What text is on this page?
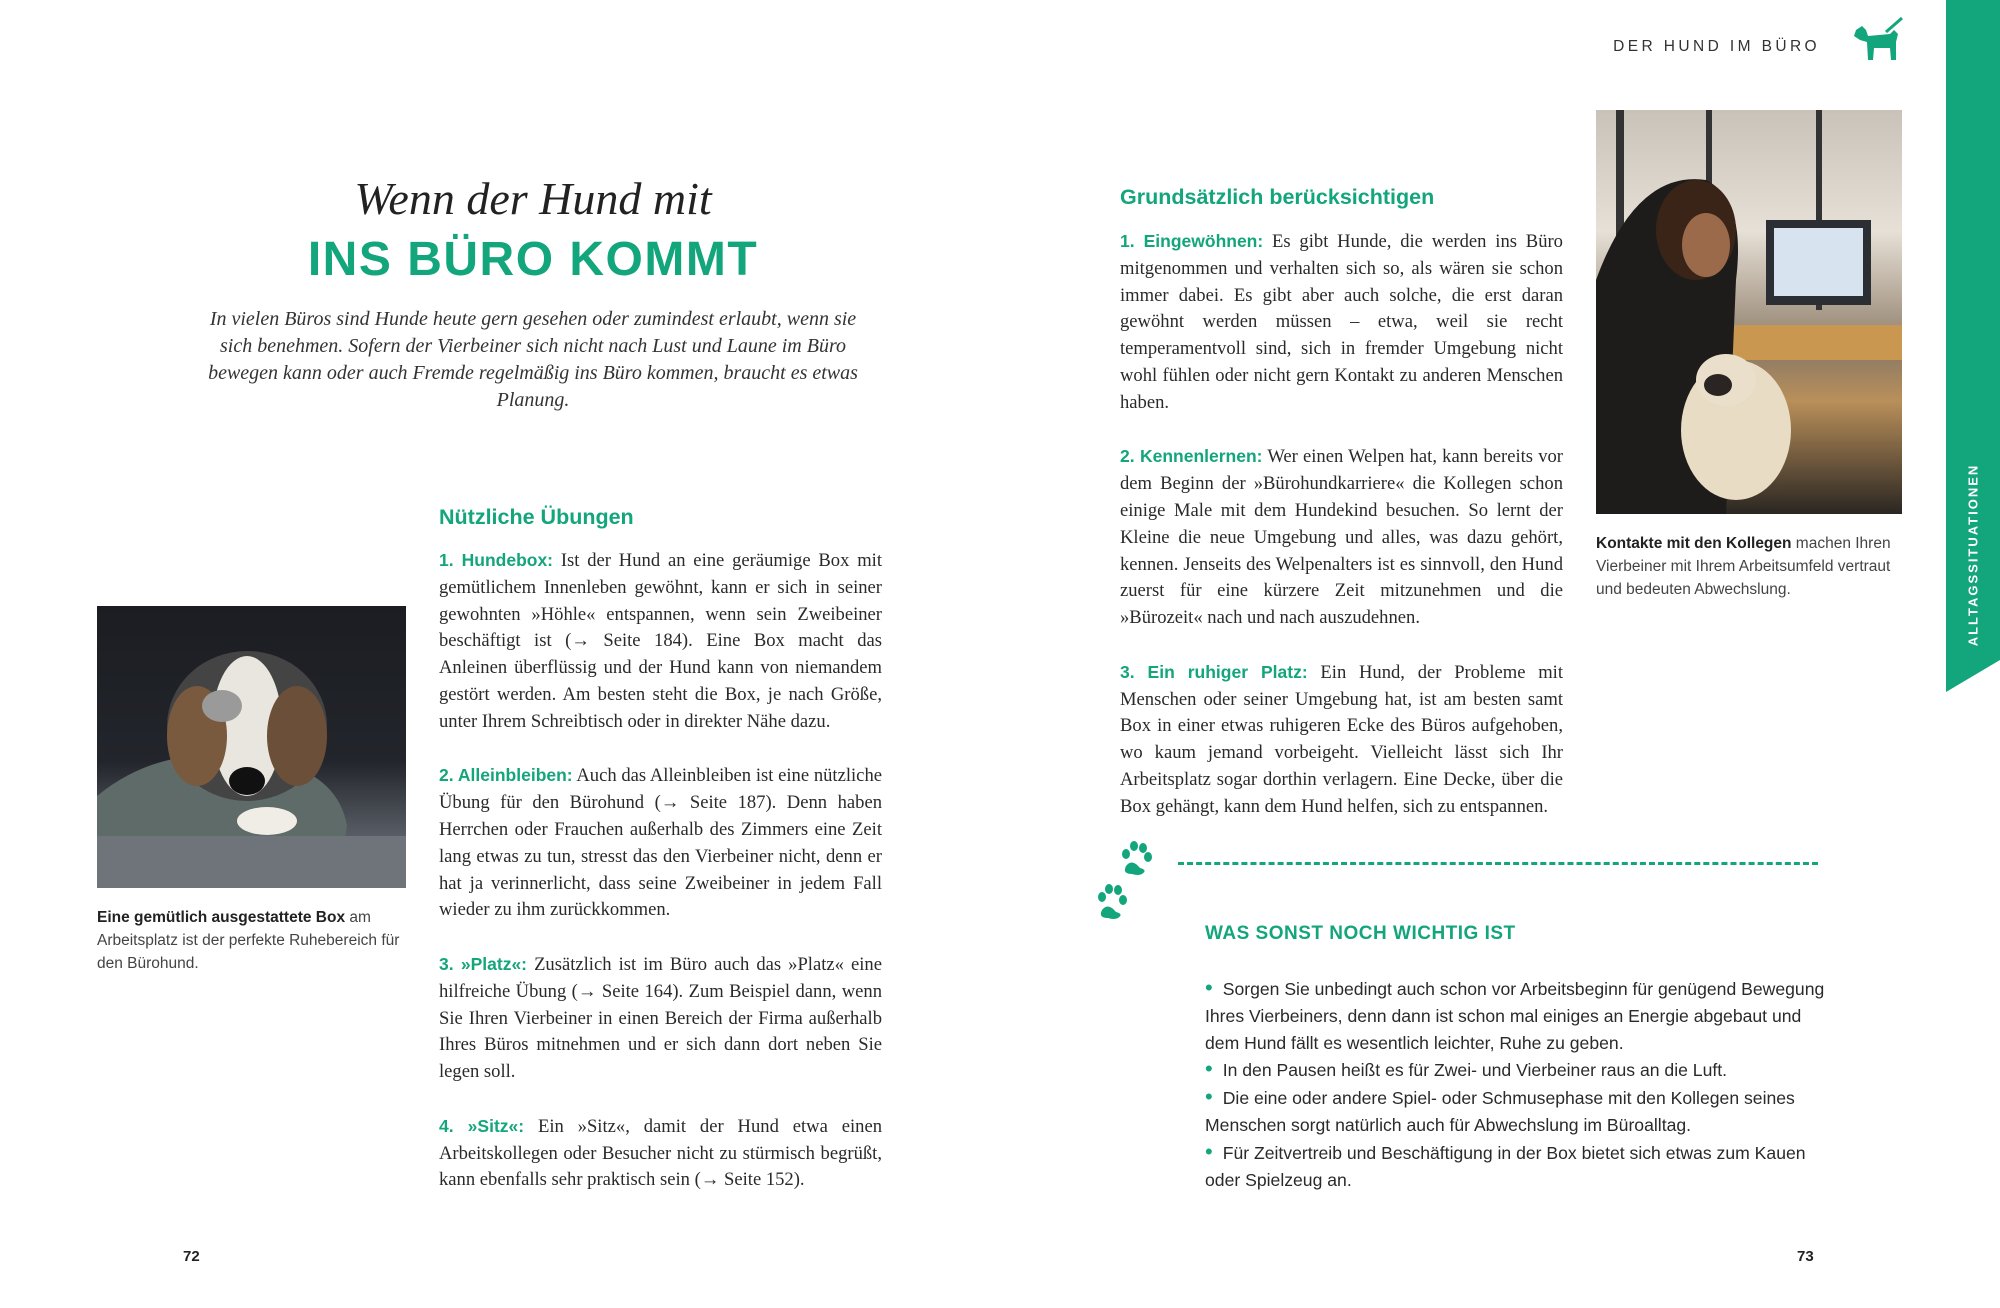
DER HUND IM BÜRO
ALLTAGSSITUATIONEN
Wenn der Hund mit
INS BÜRO KOMMT
In vielen Büros sind Hunde heute gern gesehen oder zumindest erlaubt, wenn sie sich benehmen. Sofern der Vierbeiner sich nicht nach Lust und Laune im Büro bewegen kann oder auch Fremde regelmäßig ins Büro kommen, braucht es etwas Planung.
Eine gemütlich ausgestattete Box am Arbeitsplatz ist der perfekte Ruhebereich für den Bürohund.
Nützliche Übungen

1. Hundebox: Ist der Hund an eine geräumige Box mit gemütlichem Innenleben gewöhnt, kann er sich in seiner gewohnten »Höhle« entspannen, wenn sein Zweibeiner beschäftigt ist (→ Seite 184). Eine Box macht das Anleinen überflüssig und der Hund kann von niemandem gestört werden. Am besten steht die Box, je nach Größe, unter Ihrem Schreibtisch oder in direkter Nähe dazu.

2. Alleinbleiben: Auch das Alleinbleiben ist eine nützliche Übung für den Bürohund (→ Seite 187). Denn haben Herrchen oder Frauchen außerhalb des Zimmers eine Zeit lang etwas zu tun, stresst das den Vierbeiner nicht, denn er hat ja verinnerlicht, dass seine Zweibeiner in jedem Fall wieder zu ihm zurückkommen.

3. »Platz«: Zusätzlich ist im Büro auch das »Platz« eine hilfreiche Übung (→ Seite 164). Zum Beispiel dann, wenn Sie Ihren Vierbeiner in einen Bereich der Firma außerhalb Ihres Büros mitnehmen und er sich dann dort neben Sie legen soll.

4. »Sitz«: Ein »Sitz«, damit der Hund etwa einen Arbeitskollegen oder Besucher nicht zu stürmisch begrüßt, kann ebenfalls sehr praktisch sein (→ Seite 152).

Grundsätzlich berücksichtigen

1. Eingewöhnen: Es gibt Hunde, die werden ins Büro mitgenommen und verhalten sich so, als wären sie schon immer dabei. Es gibt aber auch solche, die erst daran gewöhnt werden müssen – etwa, weil sie recht temperamentvoll sind, sich in fremder Umgebung nicht wohl fühlen oder nicht gern Kontakt zu anderen Menschen haben.

2. Kennenlernen: Wer einen Welpen hat, kann bereits vor dem Beginn der »Bürohundkarriere« die Kollegen schon einige Male mit dem Hundekind besuchen. So lernt der Kleine die neue Umgebung und alles, was dazu gehört, kennen. Jenseits des Welpenalters ist es sinnvoll, den Hund zuerst für eine kürzere Zeit mitzunehmen und die »Bürozeit« nach und nach auszudehnen.

3. Ein ruhiger Platz: Ein Hund, der Probleme mit Menschen oder seiner Umgebung hat, ist am besten samt Box in einer etwas ruhigeren Ecke des Büros aufgehoben, wo kaum jemand vorbeigeht. Vielleicht lässt sich Ihr Arbeitsplatz sogar dorthin verlagern. Eine Decke, über die Box gehängt, kann dem Hund helfen, sich zu entspannen.

Kontakte mit den Kollegen machen Ihren Vierbeiner mit Ihrem Arbeitsumfeld vertraut und bedeuten Abwechslung.
WAS SONST NOCH WICHTIG IST
• Sorgen Sie unbedingt auch schon vor Arbeitsbeginn für genügend Bewegung Ihres Vierbeiners, denn dann ist schon mal einiges an Energie abgebaut und dem Hund fällt es wesentlich leichter, Ruhe zu geben.
• In den Pausen heißt es für Zwei- und Vierbeiner raus an die Luft.
• Die eine oder andere Spiel- oder Schmusephase mit den Kollegen seines Menschen sorgt natürlich auch für Abwechslung im Büroalltag.
• Für Zeitvertreib und Beschäftigung in der Box bietet sich etwas zum Kauen oder Spielzeug an.
72	73
